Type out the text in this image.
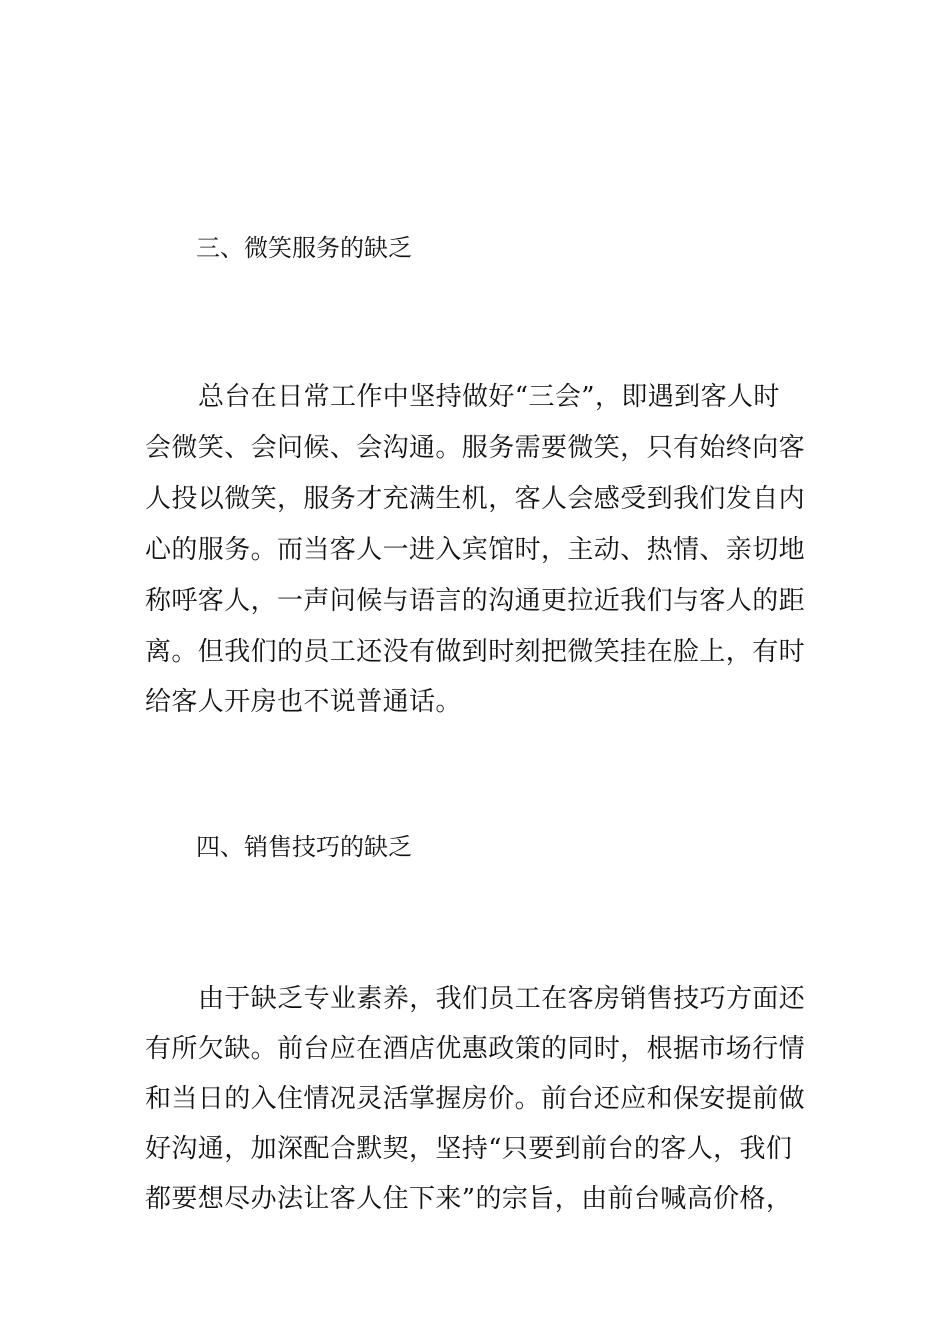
三、微笑服务的缺乏
总台在日常工作中坚持做好“三会”，即遇到客人时
会微笑、会问候、会沟通。服务需要微笑，只有始终向客
人投以微笑，服务才充满生机，客人会感受到我们发自内
心的服务。而当客人一进入宾馆时，主动、热情、亲切地
称呼客人，一声问候与语言的沟通更拉近我们与客人的距
离。但我们的员工还没有做到时刻把微笑挂在脸上，有时
给客人开房也不说普通话。
四、销售技巧的缺乏
由于缺乏专业素养，我们员工在客房销售技巧方面还
有所欠缺。前台应在酒店优惠政策的同时，根据市场行情
和当日的入住情况灵活掌握房价。前台还应和保安提前做
好沟通，加深配合默契，坚持“只要到前台的客人，我们
都要想尽办法让客人住下来”的宗旨，由前台喊高价格，
